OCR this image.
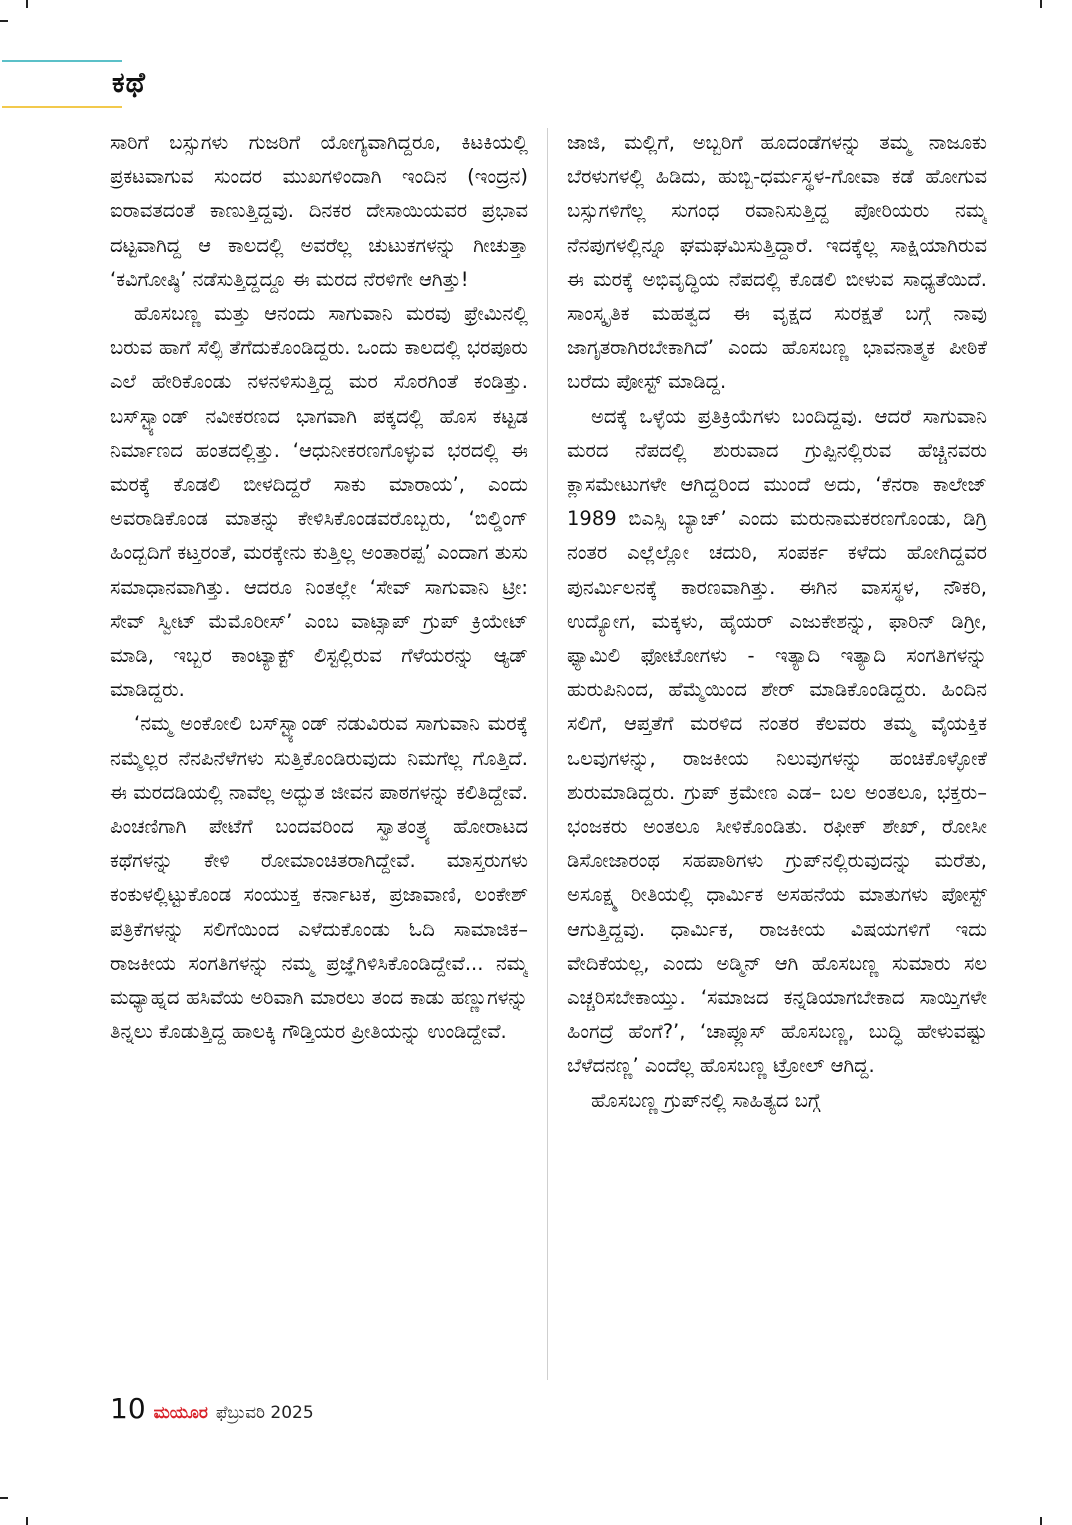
ಕಥೆ

ಸಾರಿಗೆ ಬಸ್ಸುಗಳು ಗುಜರಿಗೆ ಯೋಗ್ಯವಾಗಿದ್ದರೂ, ಕಿಟಕಿಯಲ್ಲಿ ಪ್ರಕಟವಾಗುವ ಸುಂದರ ಮುಖಗಳಿಂದಾಗಿ ಇಂದಿನ (ಇಂದ್ರನ) ಐರಾವತದಂತೆ ಕಾಣುತ್ತಿದ್ದವು. ದಿನಕರ ದೇಸಾಯಿಯವರ ಪ್ರಭಾವ ದಟ್ಟವಾಗಿದ್ದ ಆ ಕಾಲದಲ್ಲಿ ಅವರೆಲ್ಲ ಚುಟುಕಗಳನ್ನು ಗೀಚುತ್ತಾ ‘ಕವಿಗೋಷ್ಠಿ’ ನಡೆಸುತ್ತಿದ್ದದ್ದೂ ಈ ಮರದ ನೆರಳಿಗೇ ಆಗಿತ್ತು!

ಹೊಸಬಣ್ಣ ಮತ್ತು ಆನಂದು ಸಾಗುವಾನಿ ಮರವು ಫ್ರೇಮಿನಲ್ಲಿ ಬರುವ ಹಾಗೆ ಸೆಲ್ಫಿ ತೆಗೆದುಕೊಂಡಿದ್ದರು. ಒಂದು ಕಾಲದಲ್ಲಿ ಭರಪೂರು ಎಲೆ ಹೇರಿಕೊಂಡು ನಳನಳಿಸುತ್ತಿದ್ದ ಮರ ಸೊರಗಿಂತೆ ಕಂಡಿತ್ತು. ಬಸ್‌ಸ್ಟ್ಯಾಂಡ್ ನವೀಕರಣದ ಭಾಗವಾಗಿ ಪಕ್ಕದಲ್ಲಿ ಹೊಸ ಕಟ್ಟಡ ನಿರ್ಮಾಣದ ಹಂತದಲ್ಲಿತ್ತು. ‘ಆಧುನೀಕರಣಗೊಳ್ಳುವ ಭರದಲ್ಲಿ ಈ ಮರಕ್ಕೆ ಕೊಡಲಿ ಬೀಳದಿದ್ದರೆ ಸಾಕು ಮಾರಾಯ’, ಎಂದು ಅವರಾಡಿಕೊಂಡ ಮಾತನ್ನು ಕೇಳಿಸಿಕೊಂಡವರೊಬ್ಬರು, ‘ಬಿಲ್ಡಿಂಗ್ ಹಿಂದ್ಬದಿಗೆ ಕಟ್ತರಂತೆ, ಮರಕ್ಕೇನು ಕುತ್ತಿಲ್ಲ ಅಂತಾರಪ್ಪ’ ಎಂದಾಗ ತುಸು ಸಮಾಧಾನವಾಗಿತ್ತು. ಆದರೂ ನಿಂತಲ್ಲೇ ‘ಸೇವ್ ಸಾಗುವಾನಿ ಟ್ರೀ: ಸೇವ್ ಸ್ವೀಟ್ ಮೆಮೊರೀಸ್’ ಎಂಬ ವಾಟ್ಸಾಪ್ ಗ್ರುಪ್ ಕ್ರಿಯೇಟ್ ಮಾಡಿ, ಇಬ್ಬರ ಕಾಂಟ್ಯಾಕ್ಟ್ ಲಿಸ್ಟಲ್ಲಿರುವ ಗೆಳೆಯರನ್ನು ಆ್ಯಡ್ ಮಾಡಿದ್ದರು.

‘ನಮ್ಮ ಅಂಕೋಲಿ ಬಸ್‌ಸ್ಟ್ಯಾಂಡ್ ನಡುವಿರುವ ಸಾಗುವಾನಿ ಮರಕ್ಕೆ ನಮ್ಮೆಲ್ಲರ ನೆನಪಿನೆಳೆಗಳು ಸುತ್ತಿಕೊಂಡಿರುವುದು ನಿಮಗೆಲ್ಲ ಗೊತ್ತಿದೆ. ಈ ಮರದಡಿಯಲ್ಲಿ ನಾವೆಲ್ಲ ಅದ್ಭುತ ಜೀವನ ಪಾಠಗಳನ್ನು ಕಲಿತಿದ್ದೇವೆ. ಪಿಂಚಣಿಗಾಗಿ ಪೇಟೆಗೆ ಬಂದವರಿಂದ ಸ್ವಾತಂತ್ರ್ಯ ಹೋರಾಟದ ಕಥೆಗಳನ್ನು ಕೇಳಿ ರೋಮಾಂಚಿತರಾಗಿದ್ದೇವೆ. ಮಾಸ್ತರುಗಳು ಕಂಕುಳಲ್ಲಿಟ್ಟುಕೊಂಡ ಸಂಯುಕ್ತ ಕರ್ನಾಟಕ, ಪ್ರಜಾವಾಣಿ, ಲಂಕೇಶ್ ಪತ್ರಿಕೆಗಳನ್ನು ಸಲಿಗೆಯಿಂದ ಎಳೆದುಕೊಂಡು ಓದಿ ಸಾಮಾಜಿಕ– ರಾಜಕೀಯ ಸಂಗತಿಗಳನ್ನು ನಮ್ಮ ಪ್ರಜ್ಞೆಗಿಳಿಸಿಕೊಂಡಿದ್ದೇವೆ... ನಮ್ಮ ಮಧ್ಯಾಹ್ನದ ಹಸಿವೆಯ ಅರಿವಾಗಿ ಮಾರಲು ತಂದ ಕಾಡು ಹಣ್ಣುಗಳನ್ನು ತಿನ್ನಲು ಕೊಡುತ್ತಿದ್ದ ಹಾಲಕ್ಕಿ ಗೌಡ್ತಿಯರ ಪ್ರೀತಿಯನ್ನು ಉಂಡಿದ್ದೇವೆ.

ಜಾಜಿ, ಮಲ್ಲಿಗೆ, ಅಬ್ಬರಿಗೆ ಹೂದಂಡೆಗಳನ್ನು ತಮ್ಮ ನಾಜೂಕು ಬೆರಳುಗಳಲ್ಲಿ ಹಿಡಿದು, ಹುಬ್ಬಿ-ಧರ್ಮಸ್ಥಳ-ಗೋವಾ ಕಡೆ ಹೋಗುವ ಬಸ್ಸುಗಳಿಗೆಲ್ಲ ಸುಗಂಧ ರವಾನಿಸುತ್ತಿದ್ದ ಪೋರಿಯರು ನಮ್ಮ ನೆನಪುಗಳಲ್ಲಿನ್ನೂ ಘಮಘಮಿಸುತ್ತಿದ್ದಾರೆ. ಇದಕ್ಕೆಲ್ಲ ಸಾಕ್ಷಿಯಾಗಿರುವ ಈ ಮರಕ್ಕೆ ಅಭಿವೃದ್ಧಿಯ ನೆಪದಲ್ಲಿ ಕೊಡಲಿ ಬೀಳುವ ಸಾಧ್ಯತೆಯಿದೆ. ಸಾಂಸ್ಕೃತಿಕ ಮಹತ್ವದ ಈ ವೃಕ್ಷದ ಸುರಕ್ಷತೆ ಬಗ್ಗೆ ನಾವು ಜಾಗೃತರಾಗಿರಬೇಕಾಗಿದೆ’ ಎಂದು ಹೊಸಬಣ್ಣ ಭಾವನಾತ್ಮಕ ಪೀಠಿಕೆ ಬರೆದು ಪೋಸ್ಟ್ ಮಾಡಿದ್ದ.

ಅದಕ್ಕೆ ಒಳ್ಳೆಯ ಪ್ರತಿಕ್ರಿಯೆಗಳು ಬಂದಿದ್ದವು. ಆದರೆ ಸಾಗುವಾನಿ ಮರದ ನೆಪದಲ್ಲಿ ಶುರುವಾದ ಗ್ರುಪ್ಪಿನಲ್ಲಿರುವ ಹೆಚ್ಚಿನವರು ಕ್ಲಾಸಮೇಟುಗಳೇ ಆಗಿದ್ದರಿಂದ ಮುಂದೆ ಅದು, ‘ಕೆನರಾ ಕಾಲೇಜ್ 1989 ಬಿಎಸ್ಸಿ ಬ್ಯಾಚ್’ ಎಂದು ಮರುನಾಮಕರಣಗೊಂಡು, ಡಿಗ್ರಿ ನಂತರ ಎಲ್ಲೆಲ್ಲೋ ಚದುರಿ, ಸಂಪರ್ಕ ಕಳೆದು ಹೋಗಿದ್ದವರ ಪುನರ್ಮಿಲನಕ್ಕೆ ಕಾರಣವಾಗಿತ್ತು. ಈಗಿನ ವಾಸಸ್ಥಳ, ನೌಕರಿ, ಉದ್ಯೋಗ, ಮಕ್ಕಳು, ಹೈಯರ್ ಎಜುಕೇಶನ್ನು, ಫಾರಿನ್ ಡಿಗ್ರೀ, ಫ್ಯಾಮಿಲಿ ಫೋಟೋಗಳು - ಇತ್ಯಾದಿ ಇತ್ಯಾದಿ ಸಂಗತಿಗಳನ್ನು ಹುರುಪಿನಿಂದ, ಹೆಮ್ಮೆಯಿಂದ ಶೇರ್ ಮಾಡಿಕೊಂಡಿದ್ದರು. ಹಿಂದಿನ ಸಲಿಗೆ, ಆಪ್ತತೆಗೆ ಮರಳಿದ ನಂತರ ಕೆಲವರು ತಮ್ಮ ವೈಯಕ್ತಿಕ ಒಲವುಗಳನ್ನು, ರಾಜಕೀಯ ನಿಲುವುಗಳನ್ನು ಹಂಚಿಕೊಳ್ಳೋಕೆ ಶುರುಮಾಡಿದ್ದರು. ಗ್ರುಪ್ ಕ್ರಮೇಣ ಎಡ– ಬಲ ಅಂತಲೂ, ಭಕ್ತರು–ಭಂಜಕರು ಅಂತಲೂ ಸೀಳಿಕೊಂಡಿತು. ರಫೀಕ್ ಶೇಖ್, ರೋಸೀ ಡಿಸೋಜಾರಂಥ ಸಹಪಾಠಿಗಳು ಗ್ರುಪ್‌ನಲ್ಲಿರುವುದನ್ನು ಮರೆತು, ಅಸೂಕ್ಷ್ಮ ರೀತಿಯಲ್ಲಿ ಧಾರ್ಮಿಕ ಅಸಹನೆಯ ಮಾತುಗಳು ಪೋಸ್ಟ್ ಆಗುತ್ತಿದ್ದವು. ಧಾರ್ಮಿಕ, ರಾಜಕೀಯ ವಿಷಯಗಳಿಗೆ ಇದು ವೇದಿಕೆಯಲ್ಲ, ಎಂದು ಅಡ್ಮಿನ್ ಆಗಿ ಹೊಸಬಣ್ಣ ಸುಮಾರು ಸಲ ಎಚ್ಚರಿಸಬೇಕಾಯ್ತು. ‘ಸಮಾಜದ ಕನ್ನಡಿಯಾಗಬೇಕಾದ ಸಾಯ್ತಿಗಳೇ ಹಿಂಗದ್ರೆ ಹೆಂಗೆ?’, ‘ಚಾಪ್ಲೂಸ್ ಹೊಸಬಣ್ಣ, ಬುದ್ಧಿ ಹೇಳುವಷ್ಟು ಬೆಳೆದನಣ್ಣ’ ಎಂದೆಲ್ಲ ಹೊಸಬಣ್ಣ ಟ್ರೋಲ್ ಆಗಿದ್ದ.

ಹೊಸಬಣ್ಣ ಗ್ರುಪ್‌ನಲ್ಲಿ ಸಾಹಿತ್ಯದ ಬಗ್ಗೆ

10 ಮಯೂರ ಫೆಬ್ರುವರಿ 2025
